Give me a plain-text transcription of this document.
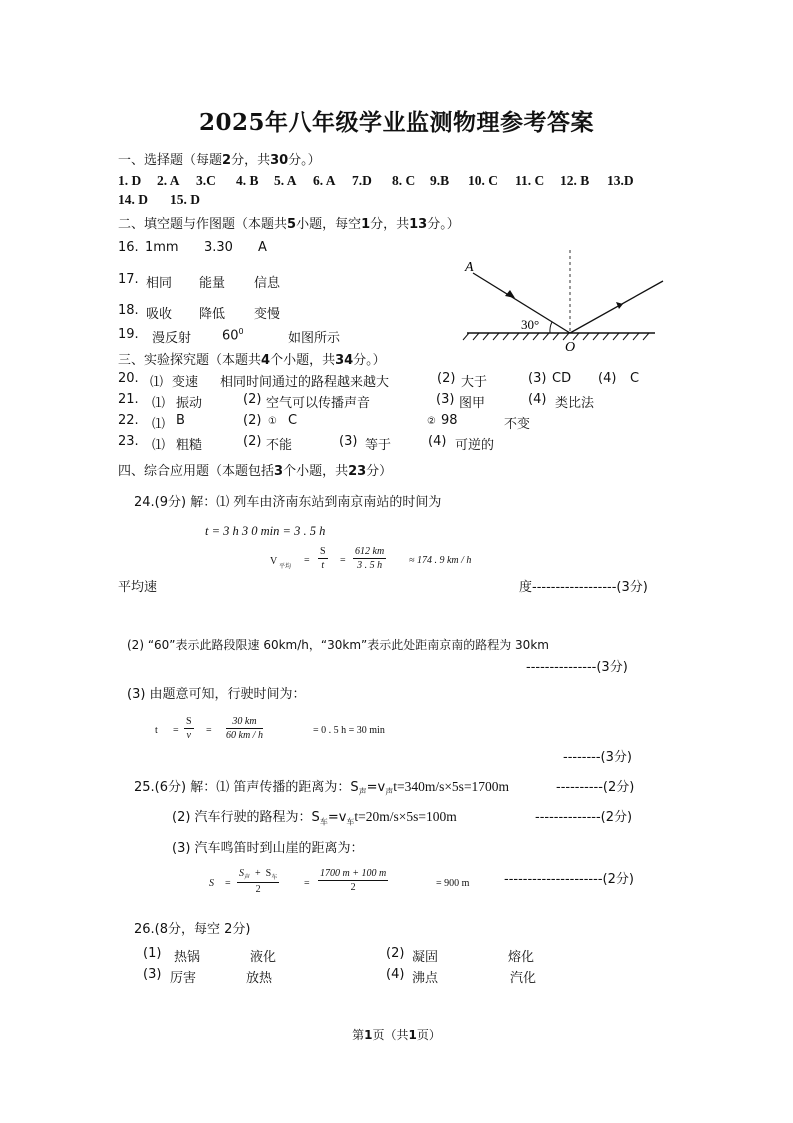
2025年八年级学业监测物理参考答案
一、选择题（每题2分，共30分。）
1. D 2. A 3.C 4. B 5. A 6. A 7.D 8. C 9.B 10. C 11. C 12. B 13.D
14. D 15. D
二、填空题与作图题（本题共5小题，每空1分，共13分。）
16. 1mm 3.30 A
17. 相同 能量 信息
18. 吸收 降低 变慢
19. 漫反射 $60^0$	如图所示
A
30°
O
三、实验探究题（本题共4个小题，共34分。）
20. ⑴ 变速 相同时间通过的路程越来越大	(2) 大于	(3) CD (4) C
21. ⑴ 振动	(2) 空气可以传播声音	(3) 图甲	(4) 类比法
22. ⑴ B	(2) ① C	② 98	不变
23. ⑴ 粗糙	(2) 不能	(3) 等于	(4) 可逆的
四、综合应用题（本题包括3个小题，共23分）
24.(9分) 解：⑴ 列车由济南东站到南京南站的时间为
t = 3 h 3 0 min = 3 . 5 h
V 平均
=
S
t	=
612 km
3 . 5 h	≈ 174 . 9 km / h
平均速	度------------------(3分)
(2) “60”表示此路段限速 60km/h，“30km”表示此处距南京南的路程为 30km
---------------(3分)
(3) 由题意可知，行驶时间为：
t =
S
v =
30 km
60 km / h	= 0 . 5 h = 30 min
--------(3分)
25.(6分) 解：⑴ 笛声传播的距离为：$S_声=v_声t=340m/s\times 5s=1700m$	----------(2分)
(2) 汽车行驶的路程为：$S_车=v_车t=20m/s\times 5s=100m$	--------------(2分)
(3) 汽车鸣笛时到山崖的距离为：
S =
$S_声 + S_车$
2
=
1700 m + 100 m
2	= 900 m	---------------------(2分)
26.(8分，每空 2分)
(1) 热锅	液化	(2) 凝固	熔化
(3) 厉害	放热	(4) 沸点	汽化
第1页（共1页）
